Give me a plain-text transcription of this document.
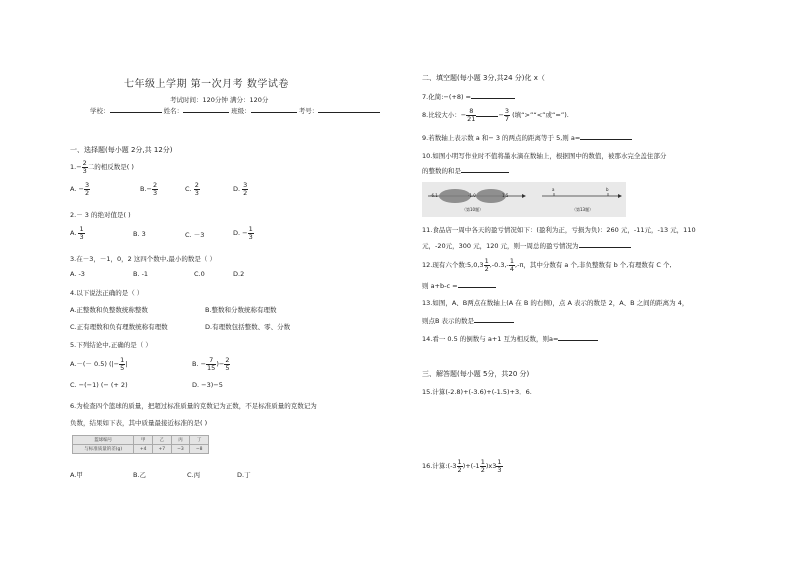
七年级上学期 第一次月考 数学试卷
考试时间：120分钟 满分：120分
学校：	姓名：	班级：	考号：
一、选择题(每小题 2分,共 12分)
$1.- \frac{2}{3}$ 二的相反数是( )
A. − $\frac{3}{2}$	$B.- \frac{2}{3}$	C. $\frac{2}{3}$	D. $\frac{3}{2}$
2.－ 3 的绝对值是( )
A. $\frac{1}{3}$	B. 3	C. －3	D. − $\frac{1}{3}$
3.在－3，－1，0，2 这四个数中,最小的数是（ ）
A. -3	B. -1	C.0	D.2
4.以下说法正确的是（ ）
A.正整数和负整数统称整数	B.整数和分数统称有理数
C.正有理数和负有理数统称有理数	D.有理数包括整数、零、分数
5.下列结论中,正确的是（ ）
A.－(－ 0.5) (|− $\frac{1}{5}$ |	B. − $\frac{7}{15}$ )− $\frac{2}{5}$
C. −(−1) (− (+ 2)	D. −3)−5
6.为检查四个篮球的质量，把超过标准质量的克数记为正数，不足标准质量的克数记为
负数，结果如下表，其中质量最接近标准的是( )
篮球编号	甲	乙	丙	丁
与标准质量的差(g)	+4	+7	−3	−8
A.甲	B.乙	C.丙	D.丁
二、填空题(每小题 3分,共24 分)化 x（
7.化简:−(+8) =
8.比较大小：− $\frac{8}{21}$	− $\frac{3}{7}$ (填“>”“<”或“=”).
9.若数轴上表示数 a 和− 3 的两点的距离等于 5,则 a=
10.如图小明写作业时不值将墨水滴在数轴上，根据图中的数值，被那水完全盖住部分
的整数的和是
-6.1	-1.0	1.5
（第10题）
a	b
（第13题）
11.食品店一周中各天的盈亏情况如下：(盈利为正，亏损为负)：260 元，-11元，-13 元，110
元，-20元，300 元，120 元，则一周总的盈亏情况为
12.现有六个数:5,0,3 $\frac{1}{2} ,-0.3,- \frac{1}{4} ,-\pi$，其中分数有 a 个,非负整数有 b 个,有理数有 C 个,
则 a+b-c =
13.如图，A、B两点在数轴上(A 在 B 的右侧)，点 A 表示的数是 2，A、B 之间的距离为 4，
则点B 表示的数是
14.看一 0.5 的倒数与 a+1 互为相反数，则a=
三、解答题(每小题 5分，共20 分)
15.计算(-2.8)+(-3.6)+(-1.5)+3．6.
16.计算:(-3 $\frac{1}{2} )+(-1 \frac{1}{2} )x3 \frac{1}{3}$
